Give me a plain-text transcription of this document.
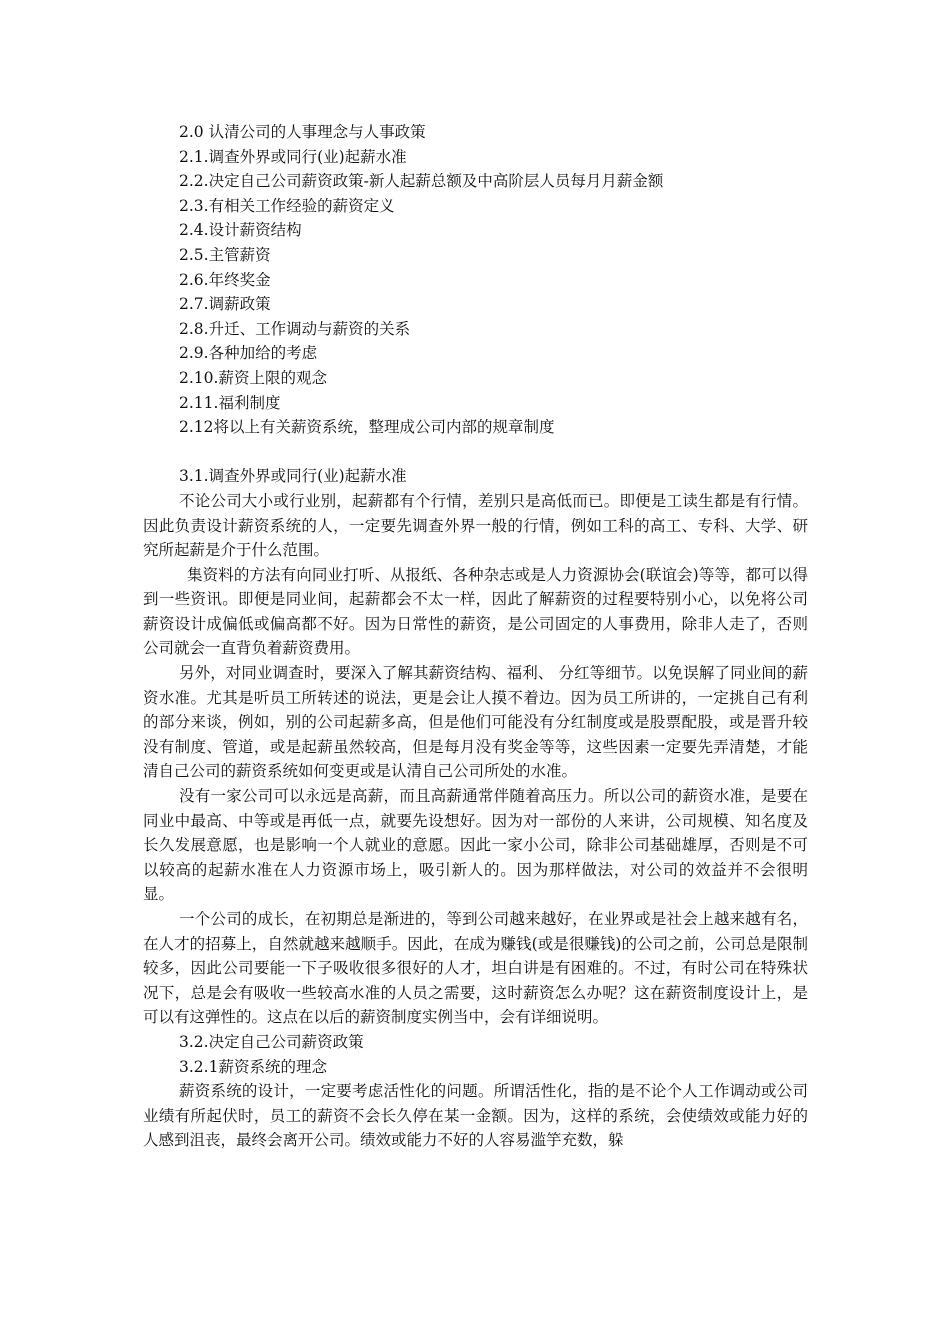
2.0 认清公司的人事理念与人事政策
2.1.调查外界或同行(业)起薪水准
2.2.决定自己公司薪资政策-新人起薪总额及中高阶层人员每月月薪金额
2.3.有相关工作经验的薪资定义
2.4.设计薪资结构
2.5.主管薪资
2.6.年终奖金
2.7.调薪政策
2.8.升迁、工作调动与薪资的关系
2.9.各种加给的考虑
2.10.薪资上限的观念
2.11.福利制度
2.12将以上有关薪资系统，整理成公司内部的规章制度
3.1.调查外界或同行(业)起薪水准

不论公司大小或行业别，起薪都有个行情，差别只是高低而已。即便是工读生都是有行情。因此负责设计薪资系统的人，一定要先调查外界一般的行情，例如工科的高工、专科、大学、研究所起薪是介于什么范围。

集资料的方法有向同业打听、从报纸、各种杂志或是人力资源协会(联谊会)等等，都可以得到一些资讯。即便是同业间，起薪都会不太一样，因此了解薪资的过程要特别小心，以免将公司薪资设计成偏低或偏高都不好。因为日常性的薪资，是公司固定的人事费用，除非人走了，否则公司就会一直背负着薪资费用。

另外，对同业调查时，要深入了解其薪资结构、福利、 分红等细节。以免误解了同业间的薪资水准。尤其是听员工所转述的说法，更是会让人摸不着边。因为员工所讲的，一定挑自己有利的部分来谈，例如，别的公司起薪多高，但是他们可能没有分红制度或是股票配股，或是晋升较没有制度、管道，或是起薪虽然较高，但是每月没有奖金等等，这些因素一定要先弄清楚，才能清自己公司的薪资系统如何变更或是认清自己公司所处的水准。

没有一家公司可以永远是高薪，而且高薪通常伴随着高压力。所以公司的薪资水准，是要在同业中最高、中等或是再低一点，就要先设想好。因为对一部份的人来讲，公司规模、知名度及长久发展意愿，也是影响一个人就业的意愿。因此一家小公司，除非公司基础雄厚，否则是不可以较高的起薪水准在人力资源市场上，吸引新人的。因为那样做法，对公司的效益并不会很明显。

一个公司的成长，在初期总是渐进的，等到公司越来越好，在业界或是社会上越来越有名，在人才的招募上，自然就越来越顺手。因此，在成为赚钱(或是很赚钱)的公司之前，公司总是限制较多，因此公司要能一下子吸收很多很好的人才，坦白讲是有困难的。不过，有时公司在特殊状况下，总是会有吸收一些较高水准的人员之需要，这时薪资怎么办呢？这在薪资制度设计上，是可以有这弹性的。这点在以后的薪资制度实例当中，会有详细说明。

3.2.决定自己公司薪资政策
3.2.1薪资系统的理念

薪资系统的设计，一定要考虑活性化的问题。所谓活性化，指的是不论个人工作调动或公司业绩有所起伏时，员工的薪资不会长久停在某一金额。因为，这样的系统，会使绩效或能力好的人感到沮丧，最终会离开公司。绩效或能力不好的人容易滥竽充数，躲
